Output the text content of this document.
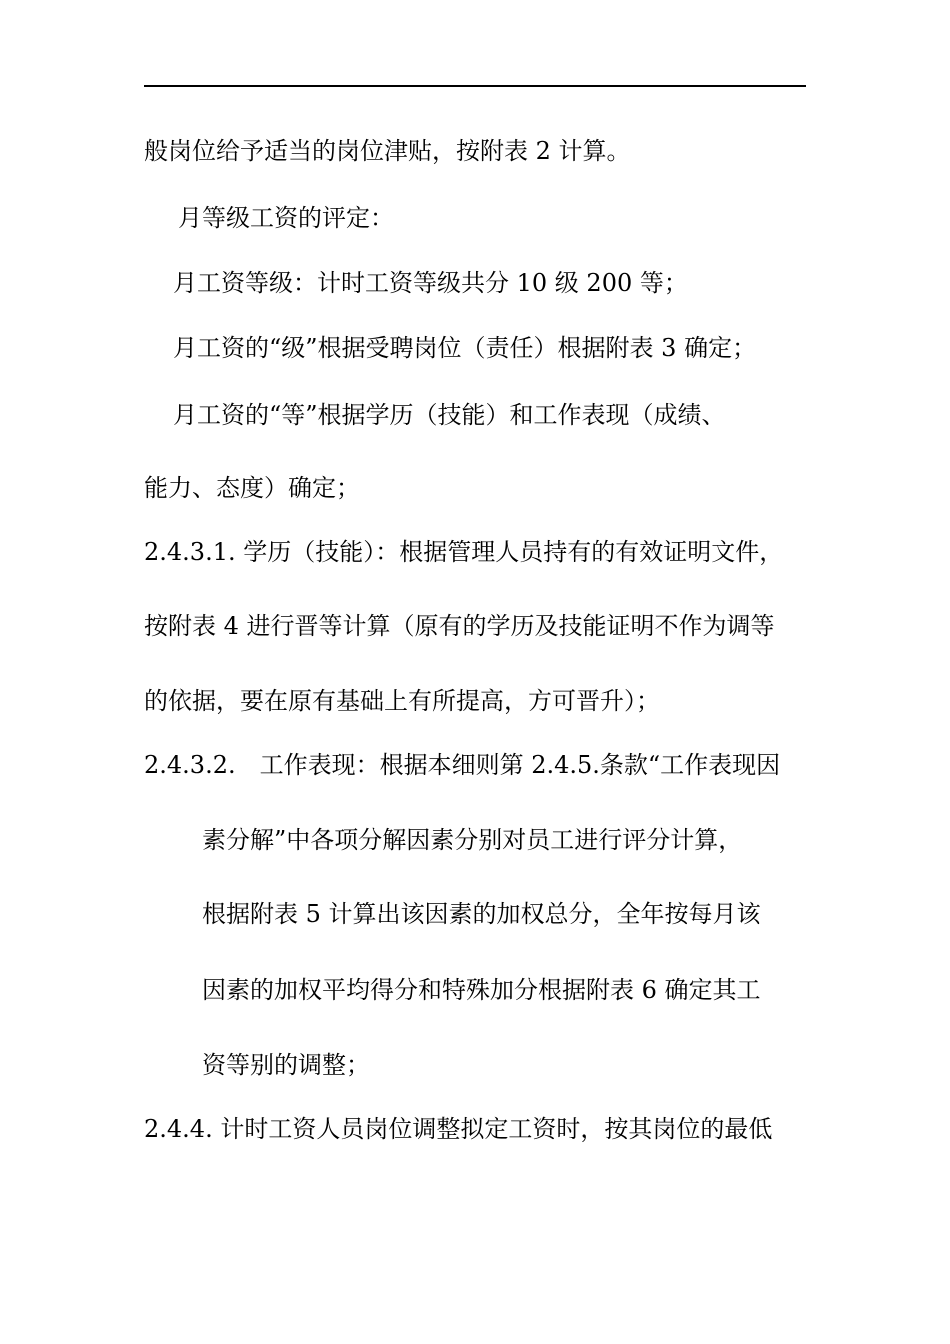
般岗位给予适当的岗位津贴，按附表 2 计算。
月等级工资的评定：
月工资等级：计时工资等级共分 10 级 200 等；
月工资的“级”根据受聘岗位（责任）根据附表 3 确定；
月工资的“等”根据学历（技能）和工作表现（成绩、
能力、态度）确定；
2.4.3.1. 学历（技能）：根据管理人员持有的有效证明文件，
按附表 4 进行晋等计算（原有的学历及技能证明不作为调等
的依据，要在原有基础上有所提高，方可晋升）；
2.4.3.2.　工作表现：根据本细则第 2.4.5.条款“工作表现因
素分解”中各项分解因素分别对员工进行评分计算，
根据附表 5 计算出该因素的加权总分，全年按每月该
因素的加权平均得分和特殊加分根据附表 6 确定其工
资等别的调整；
2.4.4. 计时工资人员岗位调整拟定工资时，按其岗位的最低
